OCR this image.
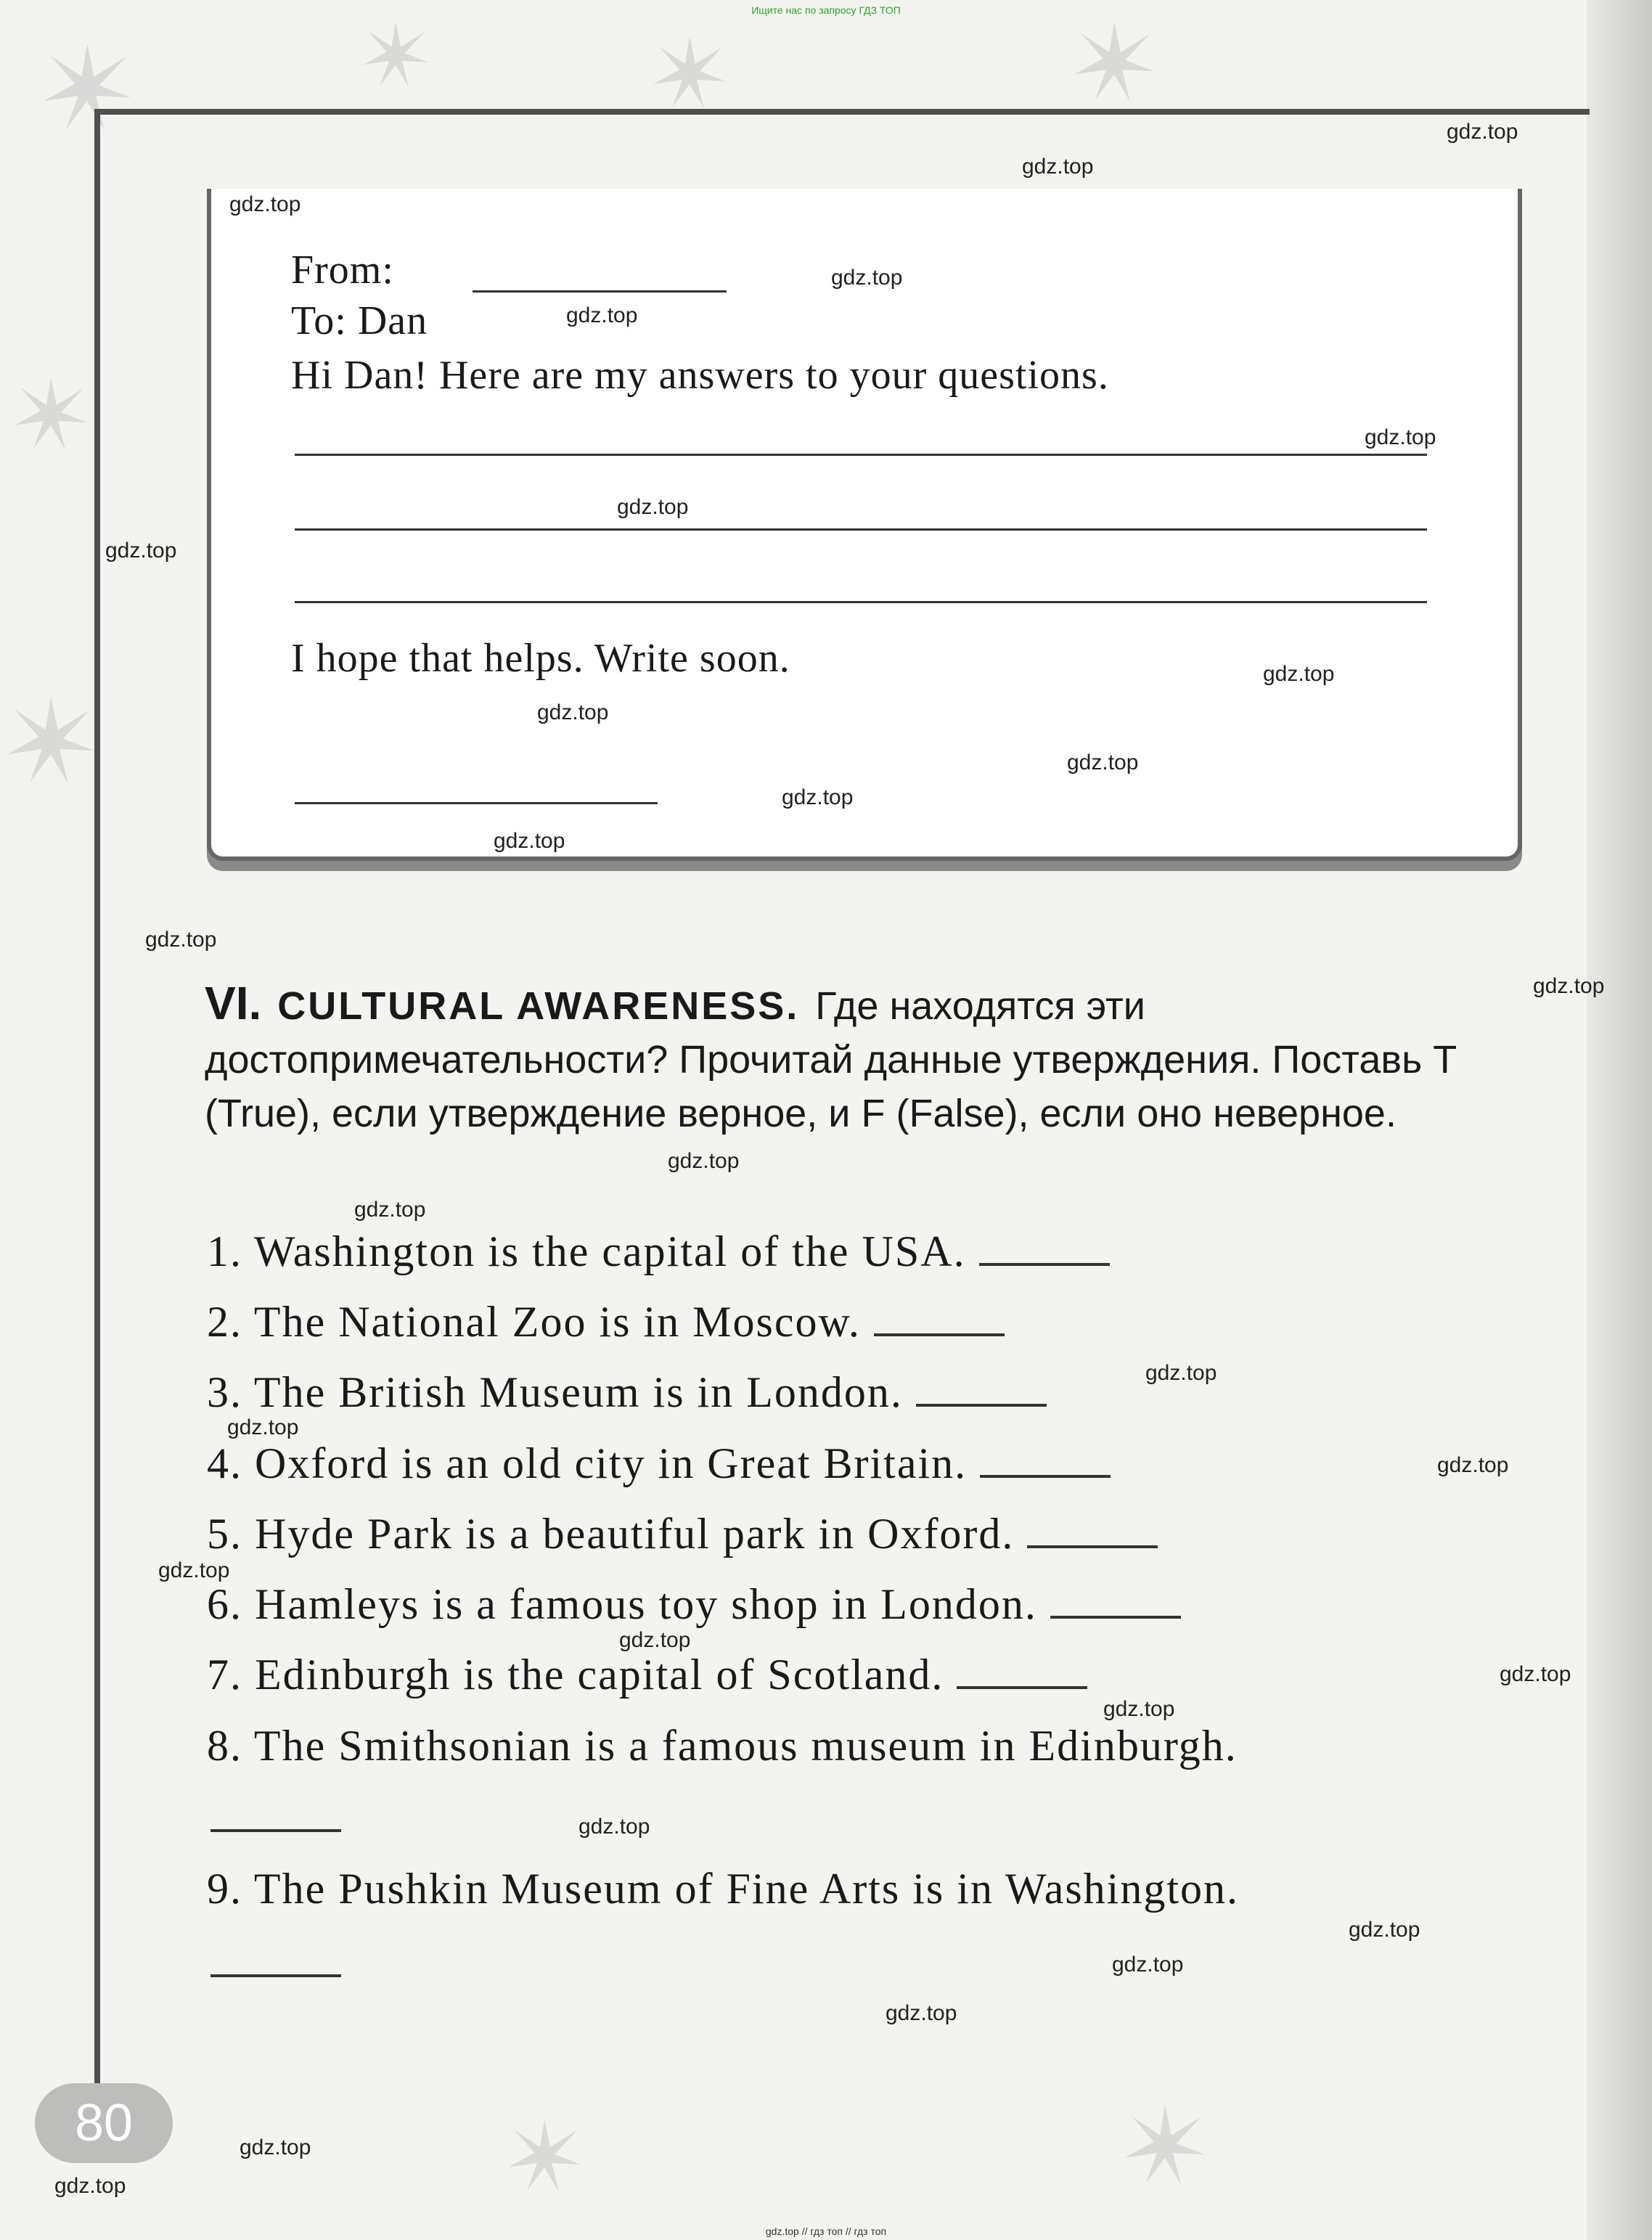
Ищите нас по запросу ГДЗ ТОП
From:
To: Dan
Hi Dan! Here are my answers to your questions.
I hope that helps. Write soon.
VI. CULTURAL AWARENESS. Где находятся эти достопримечательности? Прочитай данные утверждения. Поставь T (True), если утверждение верное, и F (False), если оно неверное.
1. Washington is the capital of the USA.
2. The National Zoo is in Moscow.
3. The British Museum is in London.
4. Oxford is an old city in Great Britain.
5. Hyde Park is a beautiful park in Oxford.
6. Hamleys is a famous toy shop in London.
7. Edinburgh is the capital of Scotland.
8. The Smithsonian is a famous museum in Edinburgh.
9. The Pushkin Museum of Fine Arts is in Washington.
80
gdz.top
gdz.top
gdz.top
gdz.top
gdz.top
gdz.top
gdz.top
gdz.top
gdz.top
gdz.top
gdz.top
gdz.top
gdz.top
gdz.top
gdz.top
gdz.top
gdz.top
gdz.top
gdz.top
gdz.top
gdz.top
gdz.top
gdz.top
gdz.top
gdz.top
gdz.top
gdz.top
gdz.top
gdz.top
gdz.top
gdz.top // гдз топ // гдз топ
